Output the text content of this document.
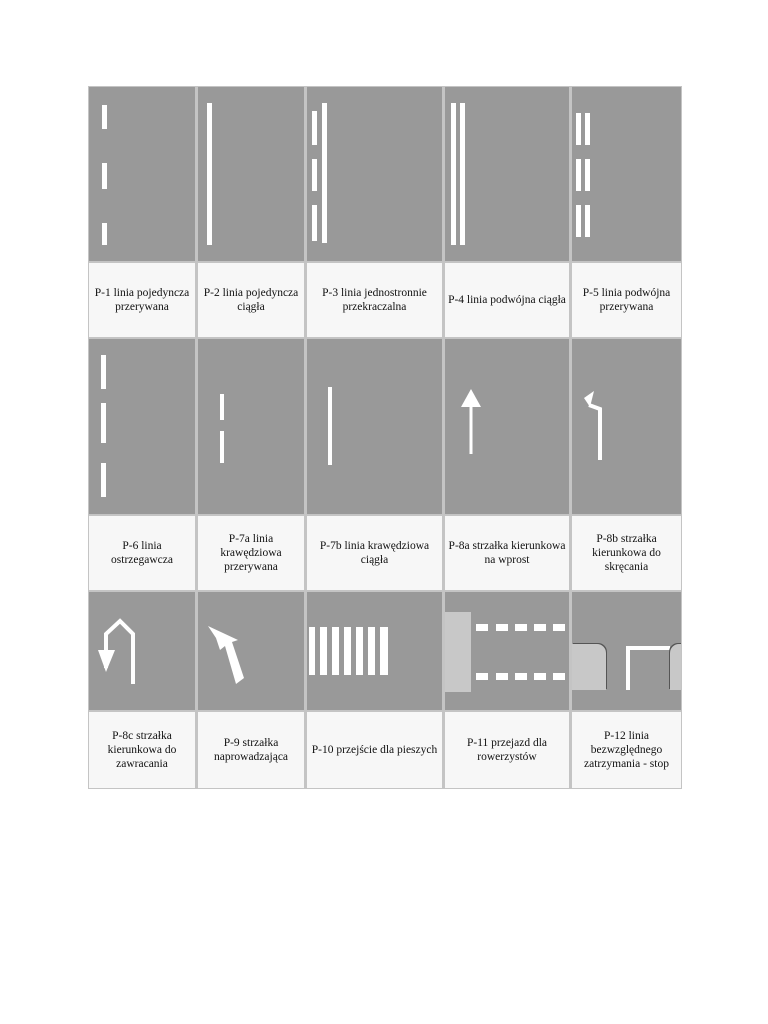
P-1 linia pojedyncza przerywana
P-2 linia pojedyncza ciągła
P-3 linia jednostronnie przekraczalna
P-4 linia podwójna ciągła
P-5 linia podwójna przerywana
P-6 linia ostrzegawcza
P-7a linia krawędziowa przerywana
P-7b linia krawędziowa ciągła
P-8a strzałka kierunkowa na wprost
P-8b strzałka kierunkowa do skręcania
P-8c strzałka kierunkowa do zawracania
P-9 strzałka naprowadzająca
P-10 przejście dla pieszych
P-11 przejazd dla rowerzystów
P-12 linia bezwzględnego zatrzymania - stop
